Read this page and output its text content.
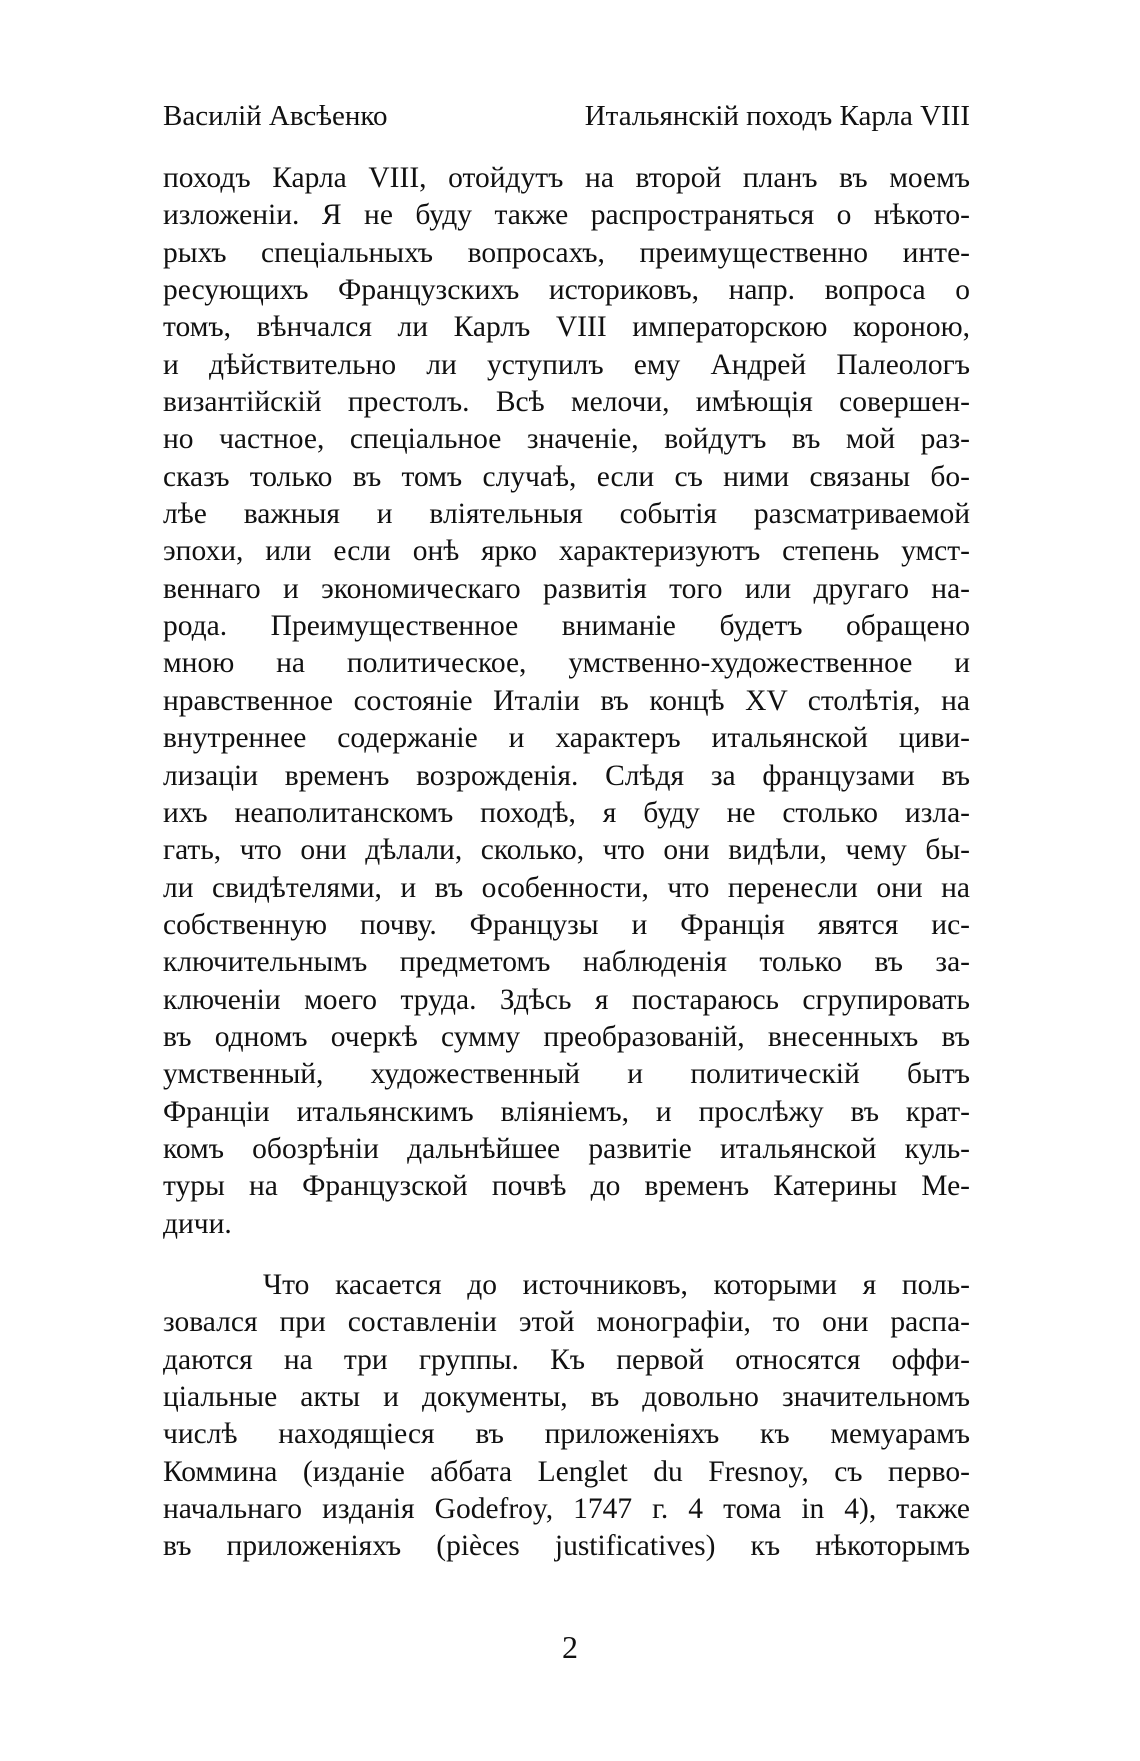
Василій Авсѣенко	Итальянскій походъ Карла VIII
походъ Карла VIII, отойдутъ на второй планъ въ моемъ
изложеніи. Я не буду также распространяться о нѣкото-
рыхъ спеціальныхъ вопросахъ, преимущественно инте-
ресующихъ Французскихъ историковъ, напр. вопроса о
томъ, вѣнчался ли Карлъ VIII императорскою короною,
и дѣйствительно ли уступилъ ему Андрей Палеологъ
византійскій престолъ. Всѣ мелочи, имѣющія совершен-
но частное, спеціальное значеніе, войдутъ въ мой раз-
сказъ только въ томъ случаѣ, если съ ними связаны бо-
лѣе важныя и вліятельныя событія разсматриваемой
эпохи, или если онѣ ярко характеризуютъ степень умст-
веннаго и экономическаго развитія того или другаго на-
рода. Преимущественное вниманіе будетъ обращено
мною на политическое, умственно-художественное и
нравственное состояніе Италіи въ концѣ XV столѣтія, на
внутреннее содержаніе и характеръ итальянской циви-
лизаціи временъ возрожденія. Слѣдя за французами въ
ихъ неаполитанскомъ походѣ, я буду не столько изла-
гать, что они дѣлали, сколько, что они видѣли, чему бы-
ли свидѣтелями, и въ особенности, что перенесли они на
собственную почву. Французы и Францiя явятся ис-
ключительнымъ предметомъ наблюденія только въ за-
ключеніи моего труда. Здѣсь я постараюсь сгрупировать
въ одномъ очеркѣ сумму преобразованій, внесенныхъ въ
умственный, художественный и политическій бытъ
Франціи итальянскимъ вліяніемъ, и прослѣжу въ крат-
комъ обозрѣніи дальнѣйшее развитіе итальянской куль-
туры на Французской почвѣ до временъ Катерины Ме-
дичи.
Что касается до источниковъ, которыми я поль-
зовался при составленіи этой монографіи, то они распа-
даются на три группы. Къ первой относятся оффи-
ціальные акты и документы, въ довольно значительномъ
числѣ находящіеся въ приложеніяхъ къ мемуарамъ
Коммина (изданіе аббата Lenglet du Fresnoy, съ перво-
начальнаго изданія Godefroy, 1747 г. 4 тома in 4), также
въ приложеніяхъ (pièces justificatives) къ нѣкоторымъ
2
